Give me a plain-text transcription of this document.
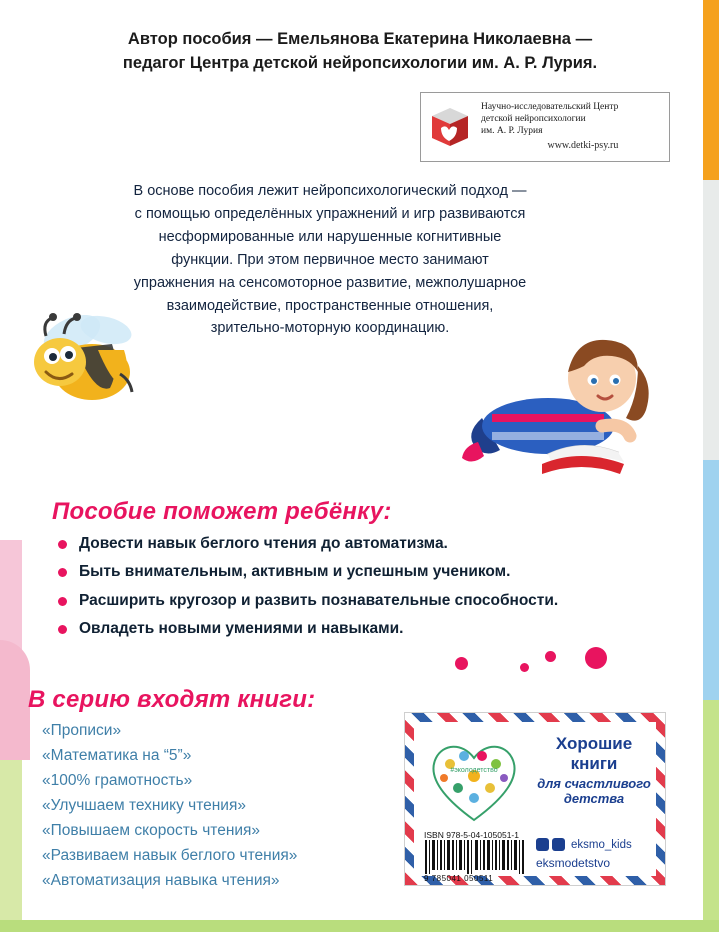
Автор пособия — Емельянова Екатерина Николаевна —
педагог Центра детской нейропсихологии им. А. Р. Лурия.
Научно-исследовательский Центр
детской нейропсихологии
им. А. Р. Лурия
www.detki-psy.ru
В основе пособия лежит нейропсихологический подход — с помощью определённых упражнений и игр развиваются несформированные или нарушенные когнитивные функции. При этом первичное место занимают упражнения на сенсомоторное развитие, межполушарное взаимодействие, пространственные отношения, зрительно-моторную координацию.
Пособие поможет ребёнку:
Довести навык беглого чтения до автоматизма.
Быть внимательным, активным и успешным учеником.
Расширить кругозор и развить познавательные способности.
Овладеть новыми умениями и навыками.
В серию входят книги:
«Прописи»
«Математика на “5”»
«100% грамотность»
«Улучшаем технику чтения»
«Повышаем скорость чтения»
«Развиваем навык беглого чтения»
«Автоматизация навыка чтения»
#эколодетство
Хорошие
книги
для счастливого
детства
ISBN 978-5-04-105051-1
9 785041 050511
eksmo_kids
eksmodetstvo
